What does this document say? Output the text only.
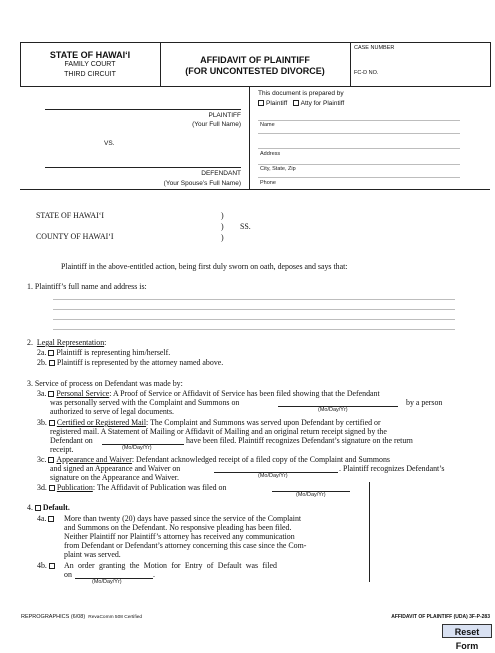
STATE OF HAWAI‘I
FAMILY COURT
THIRD CIRCUIT
AFFIDAVIT OF PLAINTIFF
(FOR UNCONTESTED DIVORCE)
CASE NUMBER
FC-D NO.
PLAINTIFF
(Your Full Name)
VS.
DEFENDANT
(Your Spouse’s Full Name)
This document is prepared by
Plaintiff Atty for Plaintiff
Name
Address
City, State, Zip
Phone
STATE OF HAWAI‘I
COUNTY OF HAWAI‘I
)
)
)
SS.
Plaintiff in the above-entitled action, being first duly sworn on oath, deposes and says that:
1. Plaintiff’s full name and address is:
2. Legal Representation:
2a. Plaintiff is representing him/herself.
2b. Plaintiff is represented by the attorney named above.
3. Service of process on Defendant was made by:
3a. Personal Service: A Proof of Service or Affidavit of Service has been filed showing that the Defendant
was personally served with the Complaint and Summons on
(Mo/Day/Yr)
by a person
authorized to serve of legal documents.
3b. Certified or Registered Mail: The Complaint and Summons was served upon Defendant by certified or
registered mail. A Statement of Mailing or Affidavit of Mailing and an original return receipt signed by the
Defendant on
(Mo/Day/Yr)
have been filed. Plaintiff recognizes Defendant’s signature on the return
receipt.
3c. Appearance and Waiver: Defendant acknowledged receipt of a filed copy of the Complaint and Summons
and signed an Appearance and Waiver on
(Mo/Day/Yr)
. Plaintiff recognizes Defendant’s
signature on the Appearance and Waiver.
3d. Publication: The Affidavit of Publication was filed on
(Mo/Day/Yr)
4. Default.
4a.	More than twenty (20) days have passed since the service of the Complaint
and Summons on the Defendant. No responsive pleading has been filed.
Neither Plaintiff nor Plaintiff’s attorney has received any communication
from Defendant or Defendant’s attorney concerning this case since the Com-
plaint was served.
4b.	An order granting the Motion for Entry of Default was filed
on	.
(Mo/Day/Yr)
REPROGRAPHICS (6/08) RevaComm 508 Certified	AFFIDAVIT OF PLAINTIFF (UDA) 3F-P-283
Reset Form
